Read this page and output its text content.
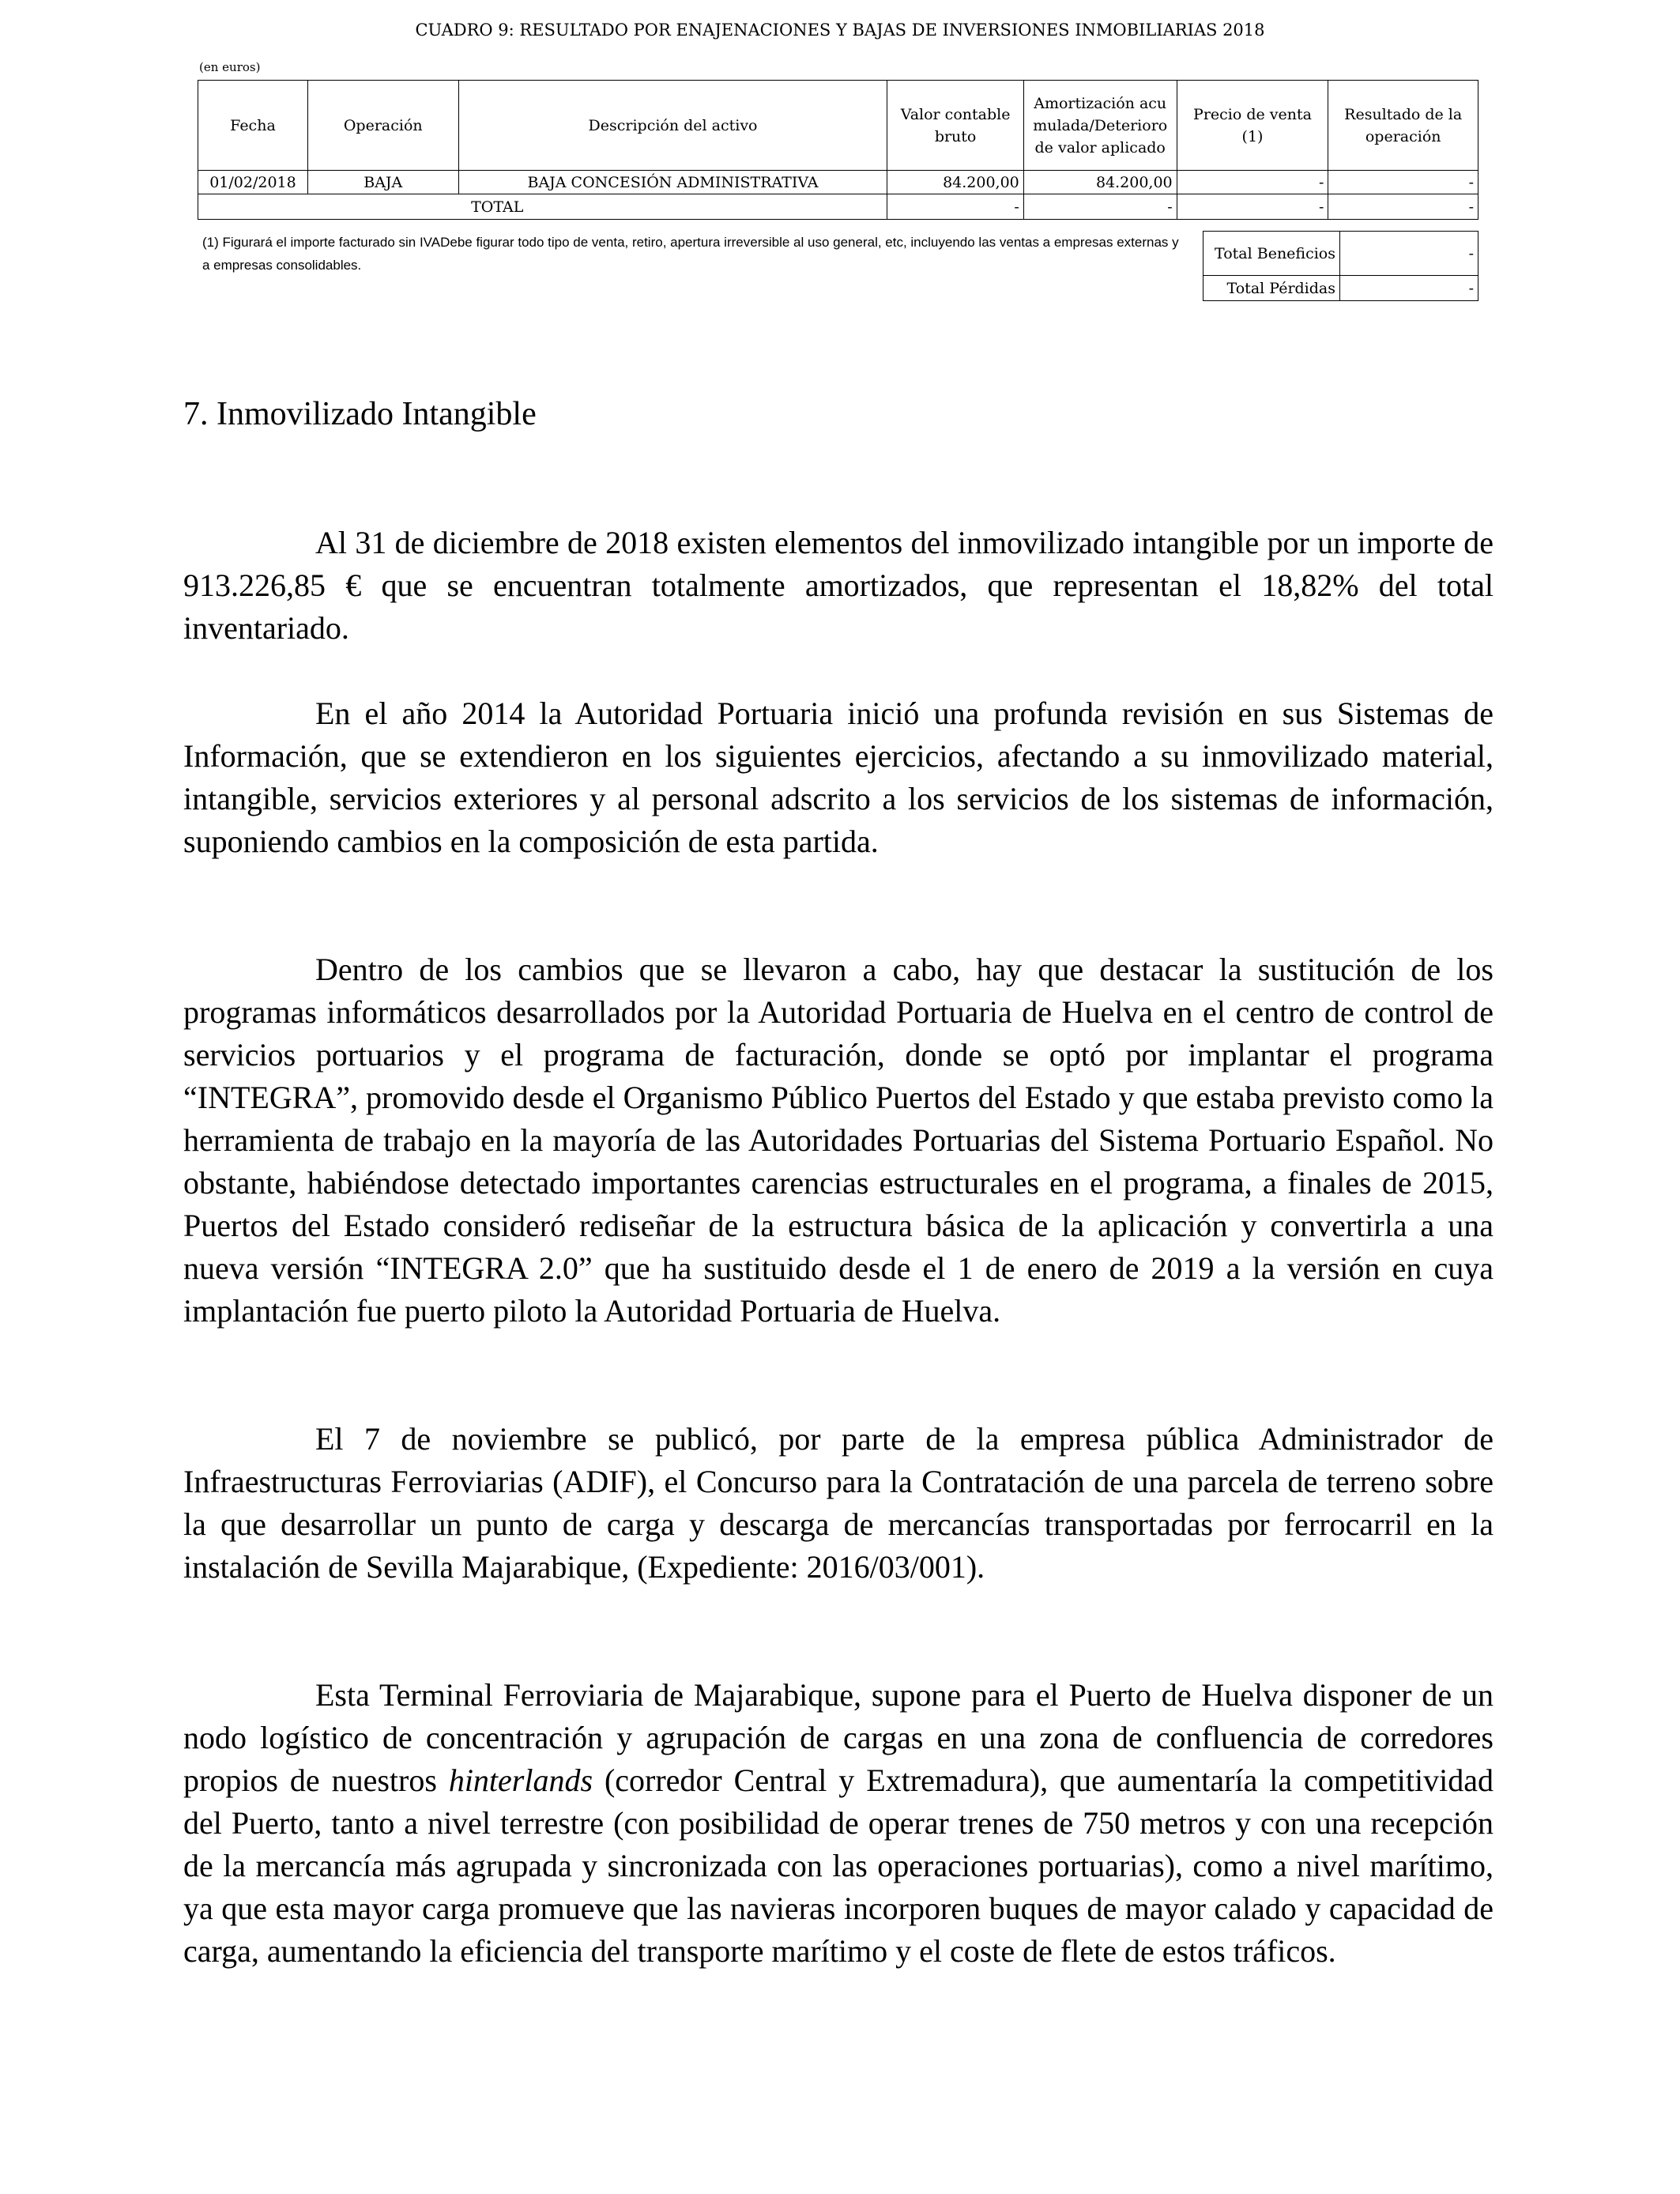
CUADRO 9: RESULTADO POR ENAJENACIONES Y BAJAS DE INVERSIONES INMOBILIARIAS 2018
(en euros)
Fecha	Operación	Descripción del activo	Valor contable bruto	Amortización acumulada/Deterioro de valor aplicado	Precio de venta (1)	Resultado de la operación
01/02/2018	BAJA	BAJA CONCESIÓN ADMINISTRATIVA	84.200,00	84.200,00	-	-
TOTAL			-	-	-	-
(1) Figurará el importe facturado sin IVADebe figurar todo tipo de venta, retiro, apertura irreversible al uso general, etc, incluyendo las ventas a empresas externas y a empresas consolidables.
Total Beneficios	-
Total Pérdidas	-
7. Inmovilizado Intangible

Al 31 de diciembre de 2018 existen elementos del inmovilizado intangible por un importe de 913.226,85 € que se encuentran totalmente amortizados, que representan el 18,82% del total inventariado.

En el año 2014 la Autoridad Portuaria inició una profunda revisión en sus Sistemas de Información, que se extendieron en los siguientes ejercicios, afectando a su inmovilizado material, intangible, servicios exteriores y al personal adscrito a los servicios de los sistemas de información, suponiendo cambios en la composición de esta partida.

Dentro de los cambios que se llevaron a cabo, hay que destacar la sustitución de los programas informáticos desarrollados por la Autoridad Portuaria de Huelva en el centro de control de servicios portuarios y el programa de facturación, donde se optó por implantar el programa “INTEGRA”, promovido desde el Organismo Público Puertos del Estado y que estaba previsto como la herramienta de trabajo en la mayoría de las Autoridades Portuarias del Sistema Portuario Español. No obstante, habiéndose detectado importantes carencias estructurales en el programa, a finales de 2015, Puertos del Estado consideró rediseñar de la estructura básica de la aplicación y convertirla a una nueva versión “INTEGRA 2.0” que ha sustituido desde el 1 de enero de 2019 a la versión en cuya implantación fue puerto piloto la Autoridad Portuaria de Huelva.

El 7 de noviembre se publicó, por parte de la empresa pública Administrador de Infraestructuras Ferroviarias (ADIF), el Concurso para la Contratación de una parcela de terreno sobre la que desarrollar un punto de carga y descarga de mercancías transportadas por ferrocarril en la instalación de Sevilla Majarabique, (Expediente: 2016/03/001).

Esta Terminal Ferroviaria de Majarabique, supone para el Puerto de Huelva disponer de un nodo logístico de concentración y agrupación de cargas en una zona de confluencia de corredores propios de nuestros hinterlands (corredor Central y Extremadura), que aumentaría la competitividad del Puerto, tanto a nivel terrestre (con posibilidad de operar trenes de 750 metros y con una recepción de la mercancía más agrupada y sincronizada con las operaciones portuarias), como a nivel marítimo, ya que esta mayor carga promueve que las navieras incorporen buques de mayor calado y capacidad de carga, aumentando la eficiencia del transporte marítimo y el coste de flete de estos tráficos.
